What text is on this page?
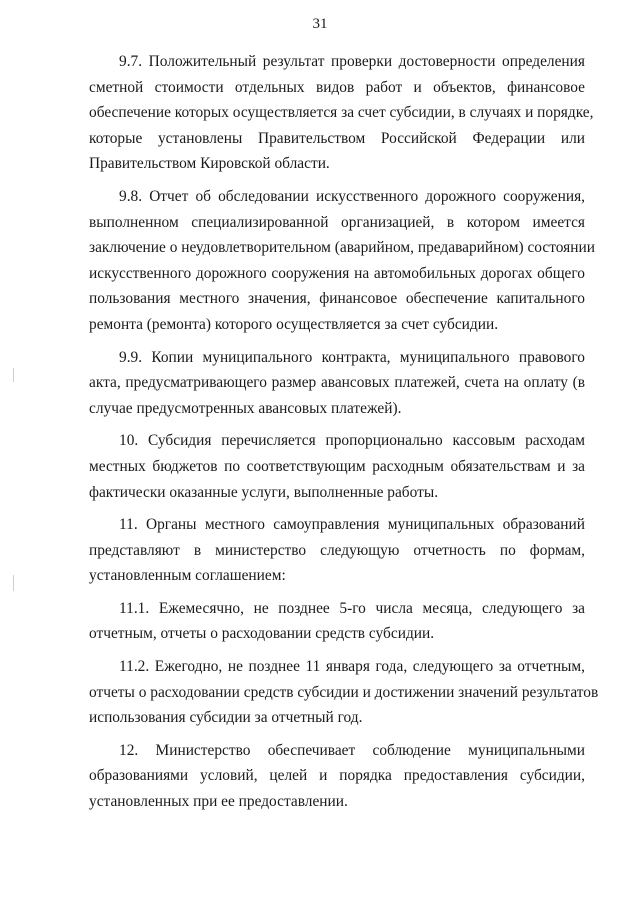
31

9.7. Положительный результат проверки достоверности определения
сметной стоимости отдельных видов работ и объектов, финансовое
обеспечение которых осуществляется за счет субсидии, в случаях и порядке,
которые установлены Правительством Российской Федерации или
Правительством Кировской области.

9.8. Отчет об обследовании искусственного дорожного сооружения,
выполненном специализированной организацией, в котором имеется
заключение о неудовлетворительном (аварийном, предаварийном) состоянии
искусственного дорожного сооружения на автомобильных дорогах общего
пользования местного значения, финансовое обеспечение капитального
ремонта (ремонта) которого осуществляется за счет субсидии.

9.9. Копии муниципального контракта, муниципального правового
акта, предусматривающего размер авансовых платежей, счета на оплату (в
случае предусмотренных авансовых платежей).

10. Субсидия перечисляется пропорционально кассовым расходам
местных бюджетов по соответствующим расходным обязательствам и за
фактически оказанные услуги, выполненные работы.

11. Органы местного самоуправления муниципальных образований
представляют в министерство следующую отчетность по формам,
установленным соглашением:

11.1. Ежемесячно, не позднее 5-го числа месяца, следующего за
отчетным, отчеты о расходовании средств субсидии.

11.2. Ежегодно, не позднее 11 января года, следующего за отчетным,
отчеты о расходовании средств субсидии и достижении значений результатов
использования субсидии за отчетный год.

12. Министерство обеспечивает соблюдение муниципальными
образованиями условий, целей и порядка предоставления субсидии,
установленных при ее предоставлении.
